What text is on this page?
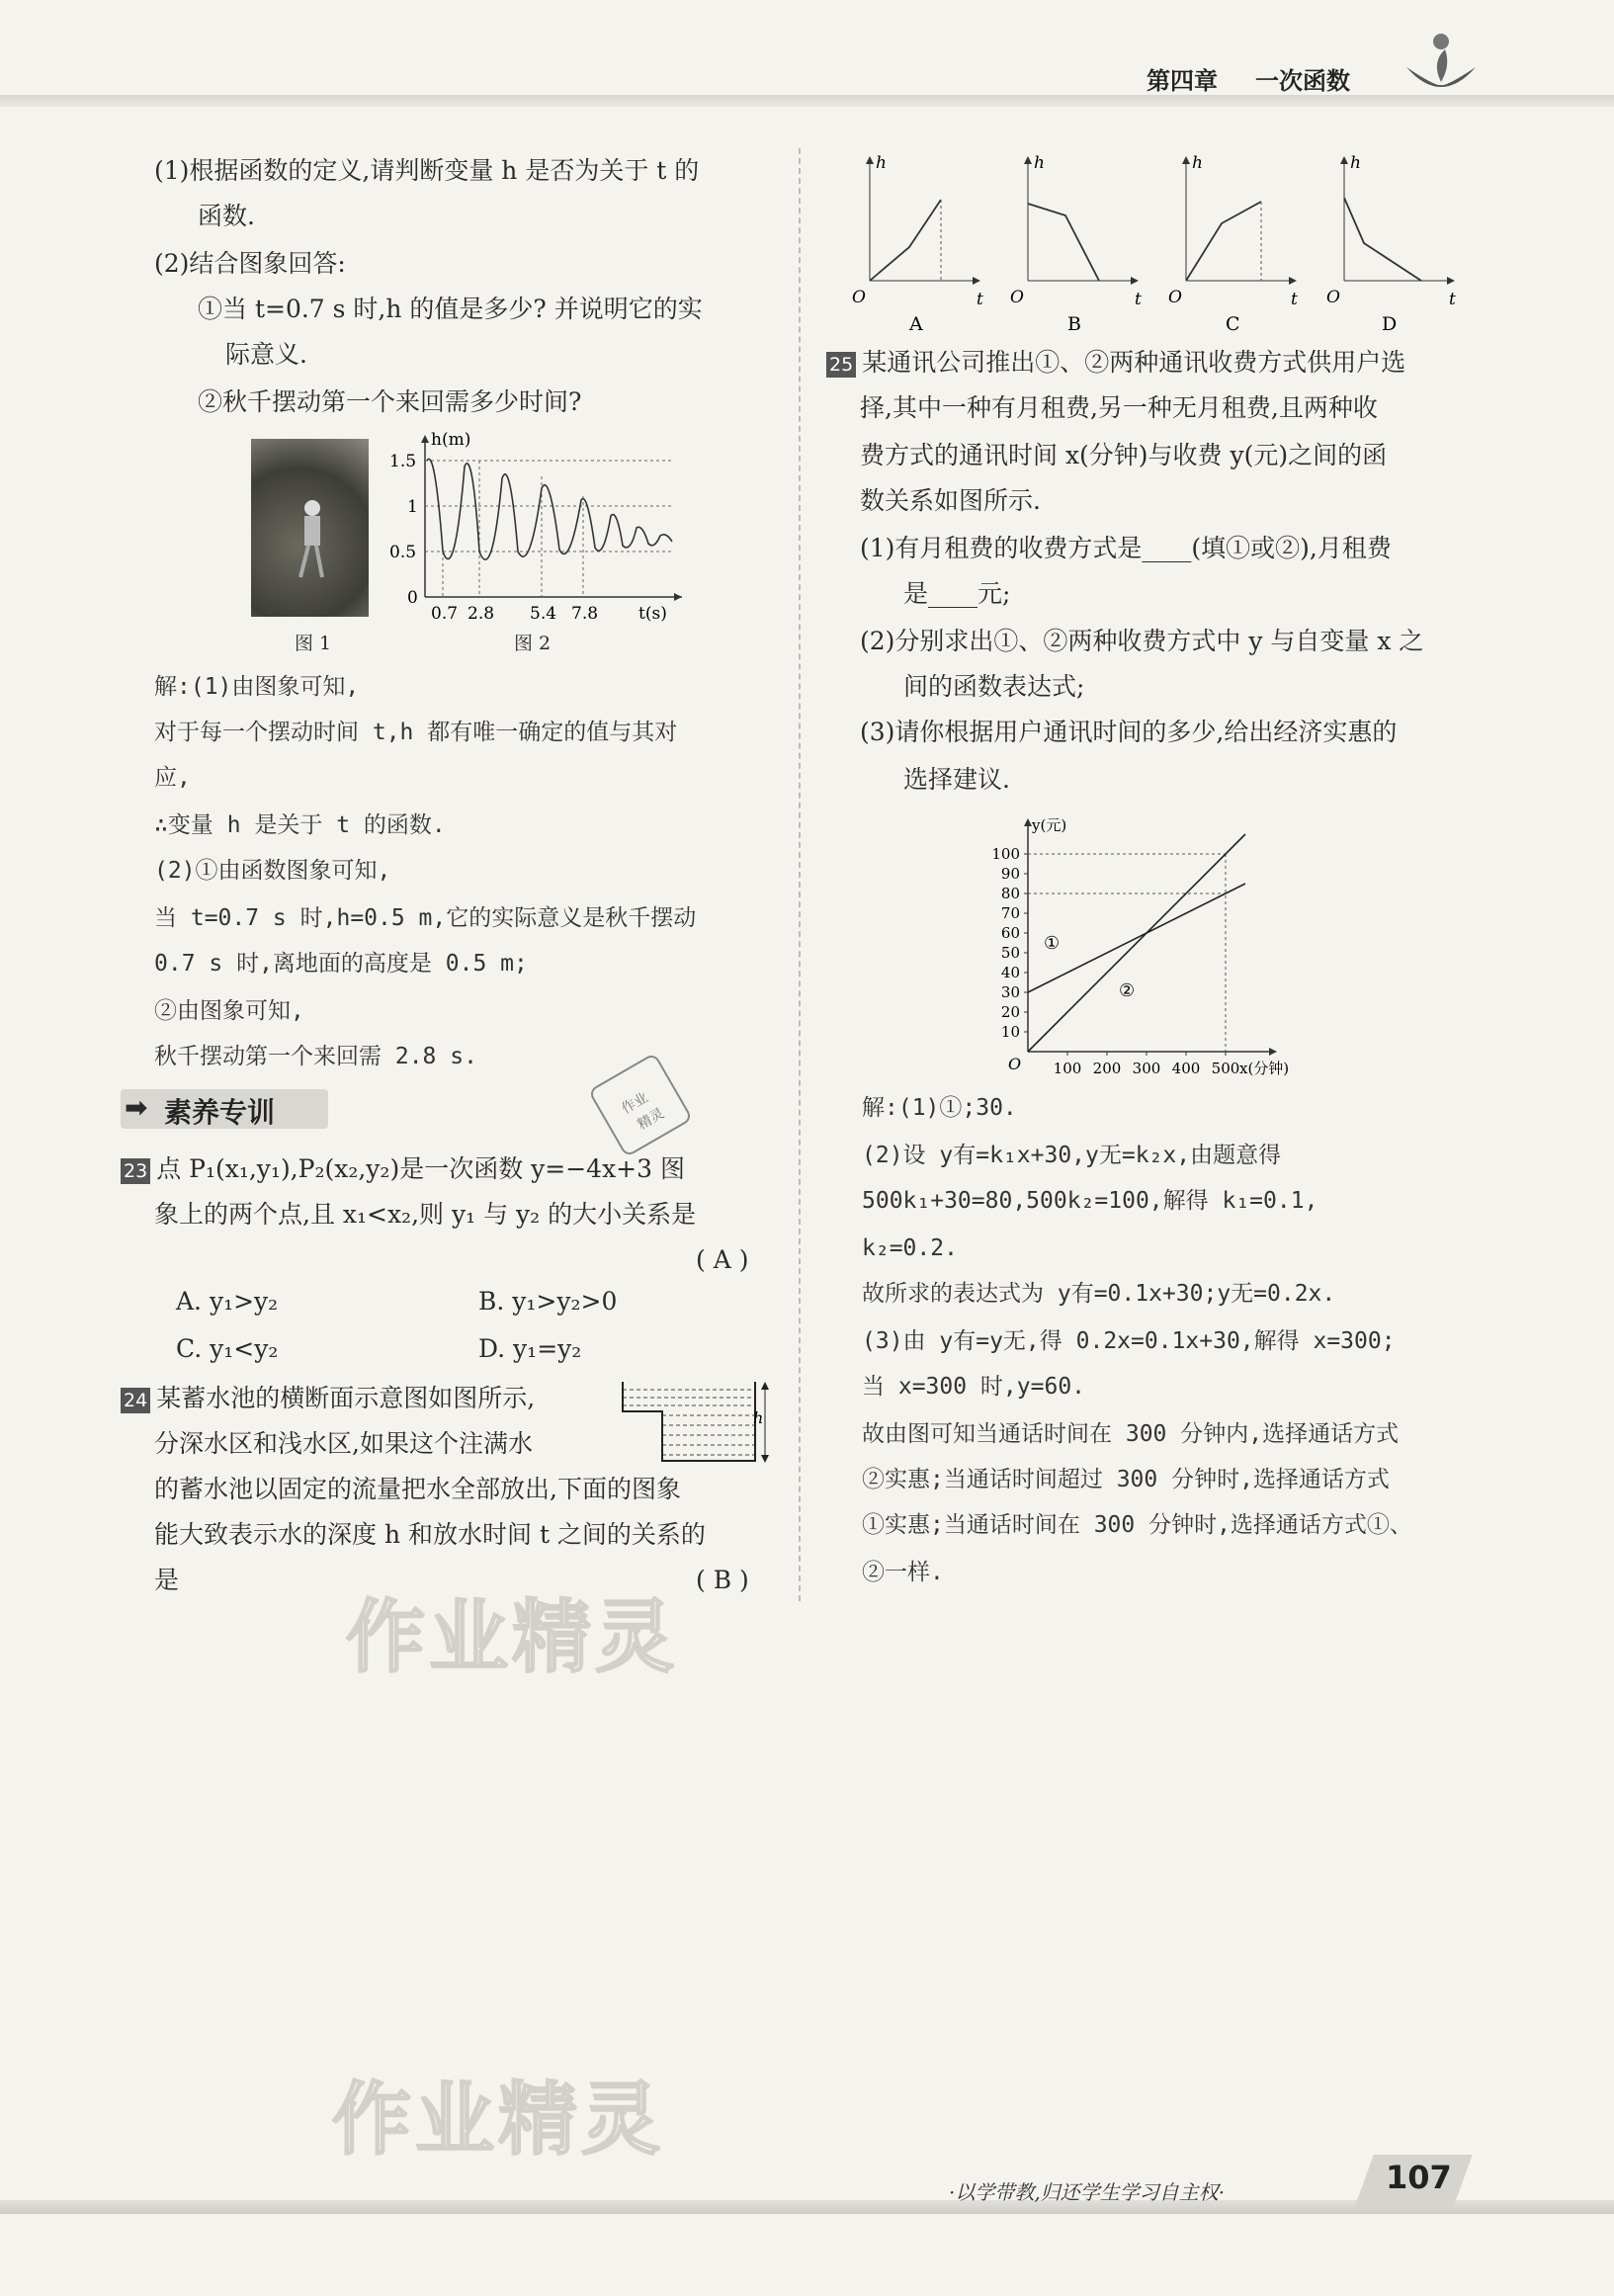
第四章 一次函数
(1)根据函数的定义,请判断变量 h 是否为关于 t 的
函数.
(2)结合图象回答:
①当 t=0.7 s 时,h 的值是多少? 并说明它的实
际意义.
②秋千摆动第一个来回需多少时间?
图 1
h(m)
1.5
1
0.5
0
0.7 2.8 5.4 7.8 t(s)
图 2
解:(1)由图象可知,
对于每一个摆动时间 t,h 都有唯一确定的值与其对
应,
∴变量 h 是关于 t 的函数.
(2)①由函数图象可知,
当 t=0.7 s 时,h=0.5 m,它的实际意义是秋千摆动
0.7 s 时,离地面的高度是 0.5 m;
②由图象可知,
秋千摆动第一个来回需 2.8 s.
作业
精灵
➡ 素养专训
23 点 P₁(x₁,y₁),P₂(x₂,y₂)是一次函数 y=−4x+3 图
象上的两个点,且 x₁<x₂,则 y₁ 与 y₂ 的大小关系是
( A )
A. y₁>y₂	B. y₁>y₂>0
C. y₁<y₂	D. y₁=y₂
24 某蓄水池的横断面示意图如图所示,
分深水区和浅水区,如果这个注满水
的蓄水池以固定的流量把水全部放出,下面的图象
能大致表示水的深度 h 和放水时间 t 之间的关系的
是	( B )
h
作业精灵
作业精灵
h
t
O
A
h
t
O
B
h
t
O
C
h
t
O
D
25 某通讯公司推出①、②两种通讯收费方式供用户选
择,其中一种有月租费,另一种无月租费,且两种收
费方式的通讯时间 x(分钟)与收费 y(元)之间的函
数关系如图所示.
(1)有月租费的收费方式是____(填①或②),月租费
是____元;
(2)分别求出①、②两种收费方式中 y 与自变量 x 之
间的函数表达式;
(3)请你根据用户通讯时间的多少,给出经济实惠的
选择建议.
O
10
20
30
40
50
60
70
80
90
100
100 200 300 400 500
y(元)
x(分钟)
①
②
解:(1)①;30.
(2)设 y有=k₁x+30,y无=k₂x,由题意得
500k₁+30=80,500k₂=100,解得 k₁=0.1,
k₂=0.2.
故所求的表达式为 y有=0.1x+30;y无=0.2x.
(3)由 y有=y无,得 0.2x=0.1x+30,解得 x=300;
当 x=300 时,y=60.
故由图可知当通话时间在 300 分钟内,选择通话方式
②实惠;当通话时间超过 300 分钟时,选择通话方式
①实惠;当通话时间在 300 分钟时,选择通话方式①、
②一样.
·以学带教,归还学生学习自主权·	107
